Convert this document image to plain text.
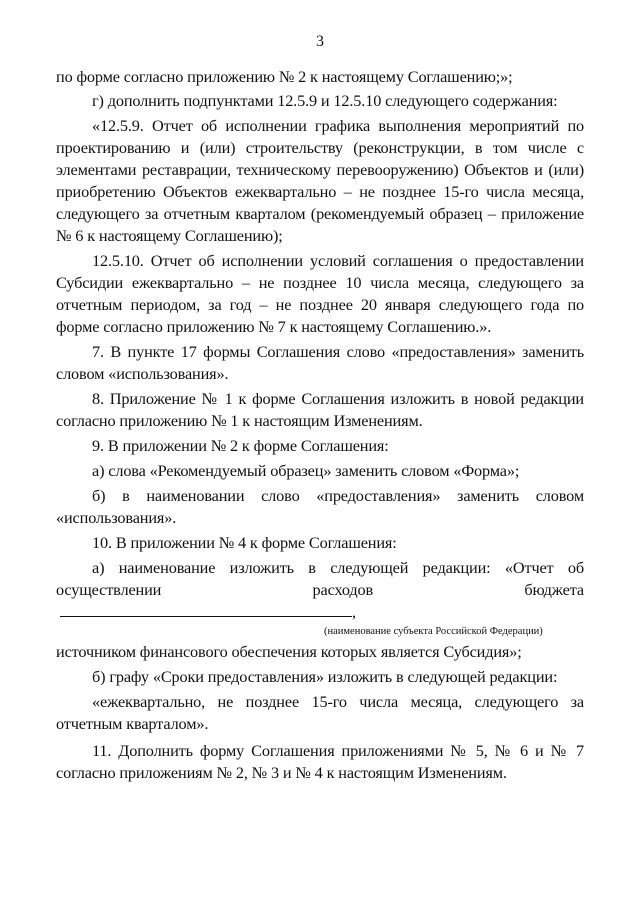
3

по форме согласно приложению № 2 к настоящему Соглашению;»;

г) дополнить подпунктами 12.5.9 и 12.5.10 следующего содержания:

«12.5.9. Отчет об исполнении графика выполнения мероприятий по проектированию и (или) строительству (реконструкции, в том числе с элементами реставрации, техническому перевооружению) Объектов и (или) приобретению Объектов ежеквартально – не позднее 15-го числа месяца, следующего за отчетным кварталом (рекомендуемый образец – приложение № 6 к настоящему Соглашению);

12.5.10. Отчет об исполнении условий соглашения о предоставлении Субсидии ежеквартально – не позднее 10 числа месяца, следующего за отчетным периодом, за год – не позднее 20 января следующего года по форме согласно приложению № 7 к настоящему Соглашению.».

7. В пункте 17 формы Соглашения слово «предоставления» заменить словом «использования».

8. Приложение № 1 к форме Соглашения изложить в новой редакции согласно приложению № 1 к настоящим Изменениям.

9. В приложении № 2 к форме Соглашения:

а) слова «Рекомендуемый образец» заменить словом «Форма»;

б) в наименовании слово «предоставления» заменить словом «использования».

10. В приложении № 4 к форме Соглашения:

а) наименование изложить в следующей редакции: «Отчет об осуществлении расходов бюджета,

(наименование субъекта Российской Федерации)

источником финансового обеспечения которых является Субсидия»;

б) графу «Сроки предоставления» изложить в следующей редакции:

«ежеквартально, не позднее 15-го числа месяца, следующего за отчетным кварталом».

11. Дополнить форму Соглашения приложениями № 5, № 6 и № 7 согласно приложениям № 2, № 3 и № 4 к настоящим Изменениям.
